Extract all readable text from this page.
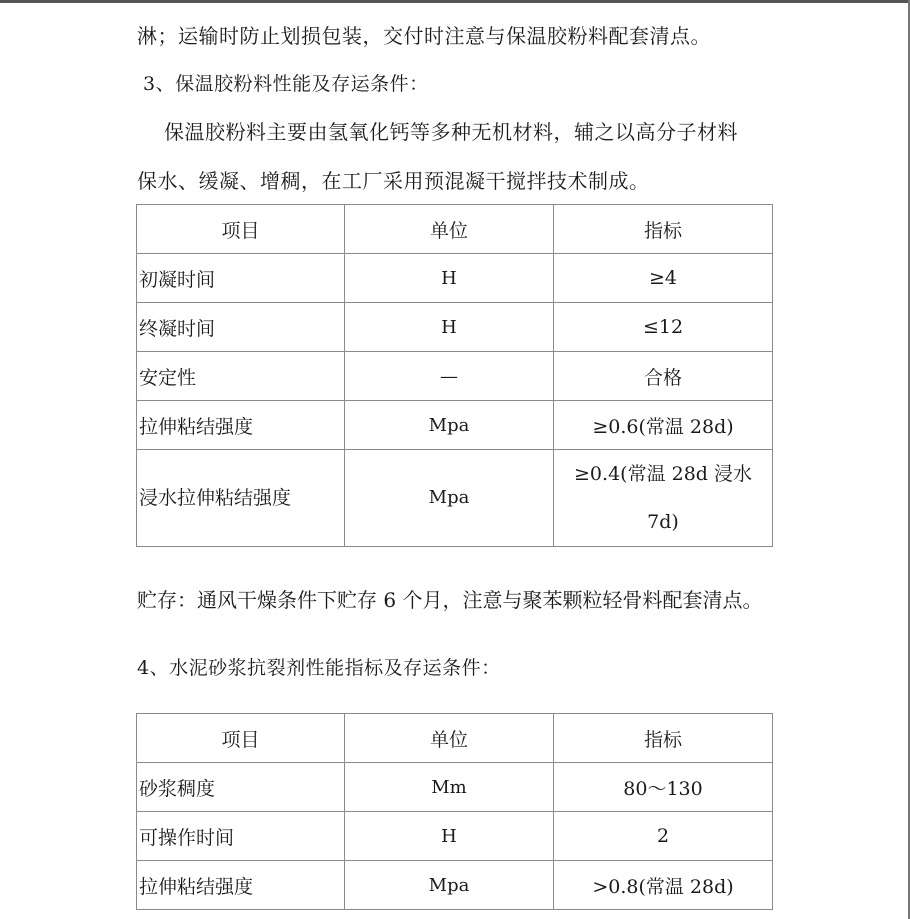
淋；运输时防止划损包装，交付时注意与保温胶粉料配套清点。
3、保温胶粉料性能及存运条件：
保温胶粉料主要由氢氧化钙等多种无机材料，辅之以高分子材料
保水、缓凝、增稠，在工厂采用预混凝干搅拌技术制成。
项目	单位	指标
初凝时间	H	≥4
终凝时间	H	≤12
安定性	—	合格
拉伸粘结强度	Mpa	≥0.6(常温 28d)
浸水拉伸粘结强度	Mpa	≥0.4(常温 28d 浸水
7d)
贮存：通风干燥条件下贮存 6 个月，注意与聚苯颗粒轻骨料配套清点。
4、水泥砂浆抗裂剂性能指标及存运条件：
项目	单位	指标
砂浆稠度	Mm	80～130
可操作时间	H	2
拉伸粘结强度	Mpa	>0.8(常温 28d)
